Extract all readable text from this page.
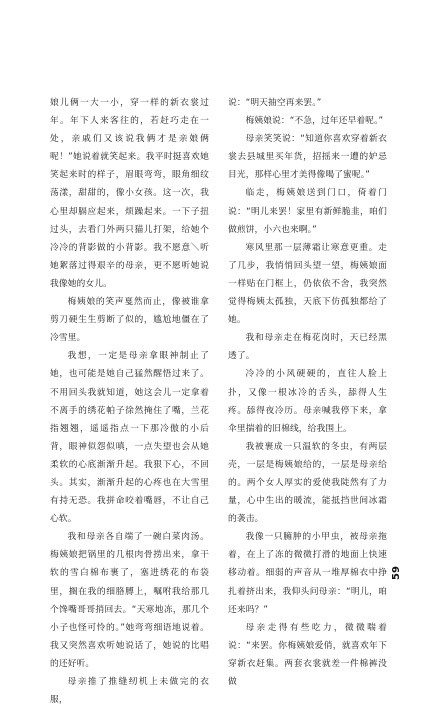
娘儿俩一大一小，穿一样的新衣裳过年。年下人来客往的，若赶巧走在一处，亲戚们又该说我俩才是亲娘俩呢！”她说着就笑起来。我平时挺喜欢她笑起来时的样子，眉眼弯弯，眼角细纹荡漾，甜甜的，像小女孩。这一次，我心里却膈应起来，烦躁起来。一下子扭过头，去看门外两只猫儿打架，给她个冷冷的背影做的小背影。我不愿意＼听她絮落过得艰辛的母亲，更不愿听她说我像她的女儿。

梅姨娘的笑声戛然而止，像被谁拿剪刀硬生生剪断了似的，尴尬地僵在了冷雪里。

我想，一定是母亲拿眼神制止了她，也可能是她自己猛然醒悟过来了。不用回头我就知道，她这会儿一定拿着不离手的绣花帕子徐然掩住了嘴，兰花指翘翘，遥遥指点一下那冷傲的小后背，眼神似怨似嗔，一点失望也会从她柔软的心底渐渐升起。我狠下心，不回头。其实，渐渐升起的心疼也在大雪里有持无恐。我拼命咬着嘴唇，不让自己心软。

我和母亲各自端了一碗白菜肉汤。梅姨娘把锅里的几根肉骨捞出来，拿干软的雪白棉布裹了，塞进绣花的布袋里，搁在我的细胳膊上，嘱咐我给那几个馋嘴哥哥捎回去。“天寒地冻，那几个小子也怪可怜的。”她弯弯细语地说着。我又突然喜欢听她说话了，她说的比唱的还好听。

母亲推了推缝纫机上未做完的衣服，

说：“明天抽空再来罢。”

梅姨娘说：“不急，过年还早着呢。”

母亲笑笑说：“知道你喜欢穿着新衣裳去县城里买年货，招摇来一遭的妒忌目光，那样心里才美得像喝了蜜呢。”

临走，梅姨娘送到门口，倚着门说：“明儿来罢！家里有新鲜脆韭，咱们做煎饼，小六也来啊。”

寒风里那一层薄霜让寒意更重。走了几步，我悄悄回头望一望，梅姨娘面一样贴在门框上，仍依依不舍，我突然觉得梅姨太孤独，天底下仿孤独都给了她。

我和母亲走在梅花岗时，天已经黑透了。

冷冷的小风硬硬的，直往人脸上扑，又像一根冰冷的舌头，舔得人生疼。舔得夜冷历。母亲喊我停下来，拿伞里揣着的旧棉线，给我围上。

我被裹成一只温软的冬虫，有两层壳，一层是梅姨娘给的，一层是母亲给的。两个女人厚实的爱使我陡然有了力量，心中生出的暖流，能抵挡世间冰霜的袭击。

我像一只臃肿的小甲虫，被母亲拖着，在上了冻的微微打滑的地面上快速移动着。细弱的声音从一堆厚棉衣中挣扎着挤出来，我仰头问母亲：“明儿，咱还来吗？”

母亲走得有些吃力，微微喘着说：“来罢。你梅姨娘爱俏，就喜欢年下穿新衣赶集。两套衣裳就差一件棉裤没做

59
